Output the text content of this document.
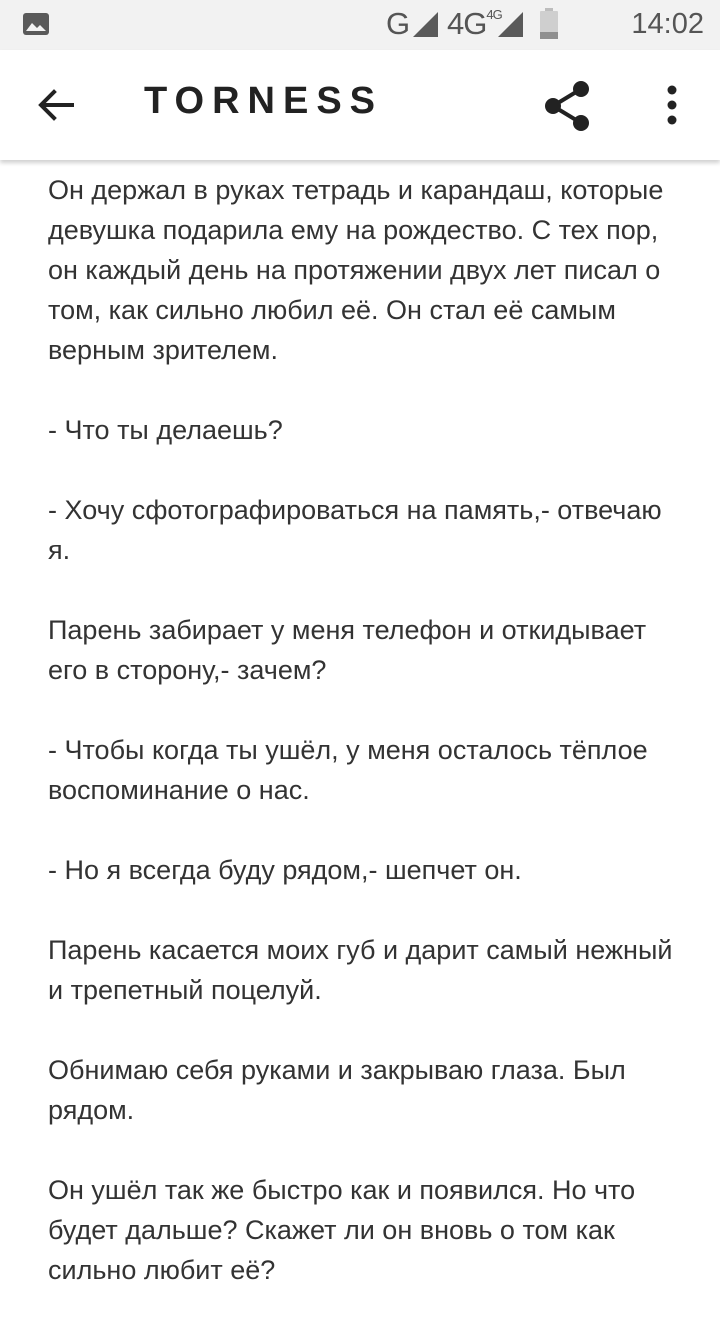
G $4G^{4G}$	14:02
TORNESS

Он держал в руках тетрадь и карандаш, которые девушка подарила ему на рождество. С тех пор, он каждый день на протяжении двух лет писал о том, как сильно любил её. Он стал её самым верным зрителем.

- Что ты делаешь?

- Хочу сфотографироваться на память,- отвечаю я.

Парень забирает у меня телефон и откидывает его в сторону,- зачем?

- Чтобы когда ты ушёл, у меня осталось тёплое воспоминание о нас.

- Но я всегда буду рядом,- шепчет он.

Парень касается моих губ и дарит самый нежный и трепетный поцелуй.

Обнимаю себя руками и закрываю глаза. Был рядом.

Он ушёл так же быстро как и появился. Но что будет дальше? Скажет ли он вновь о том как сильно любит её?
